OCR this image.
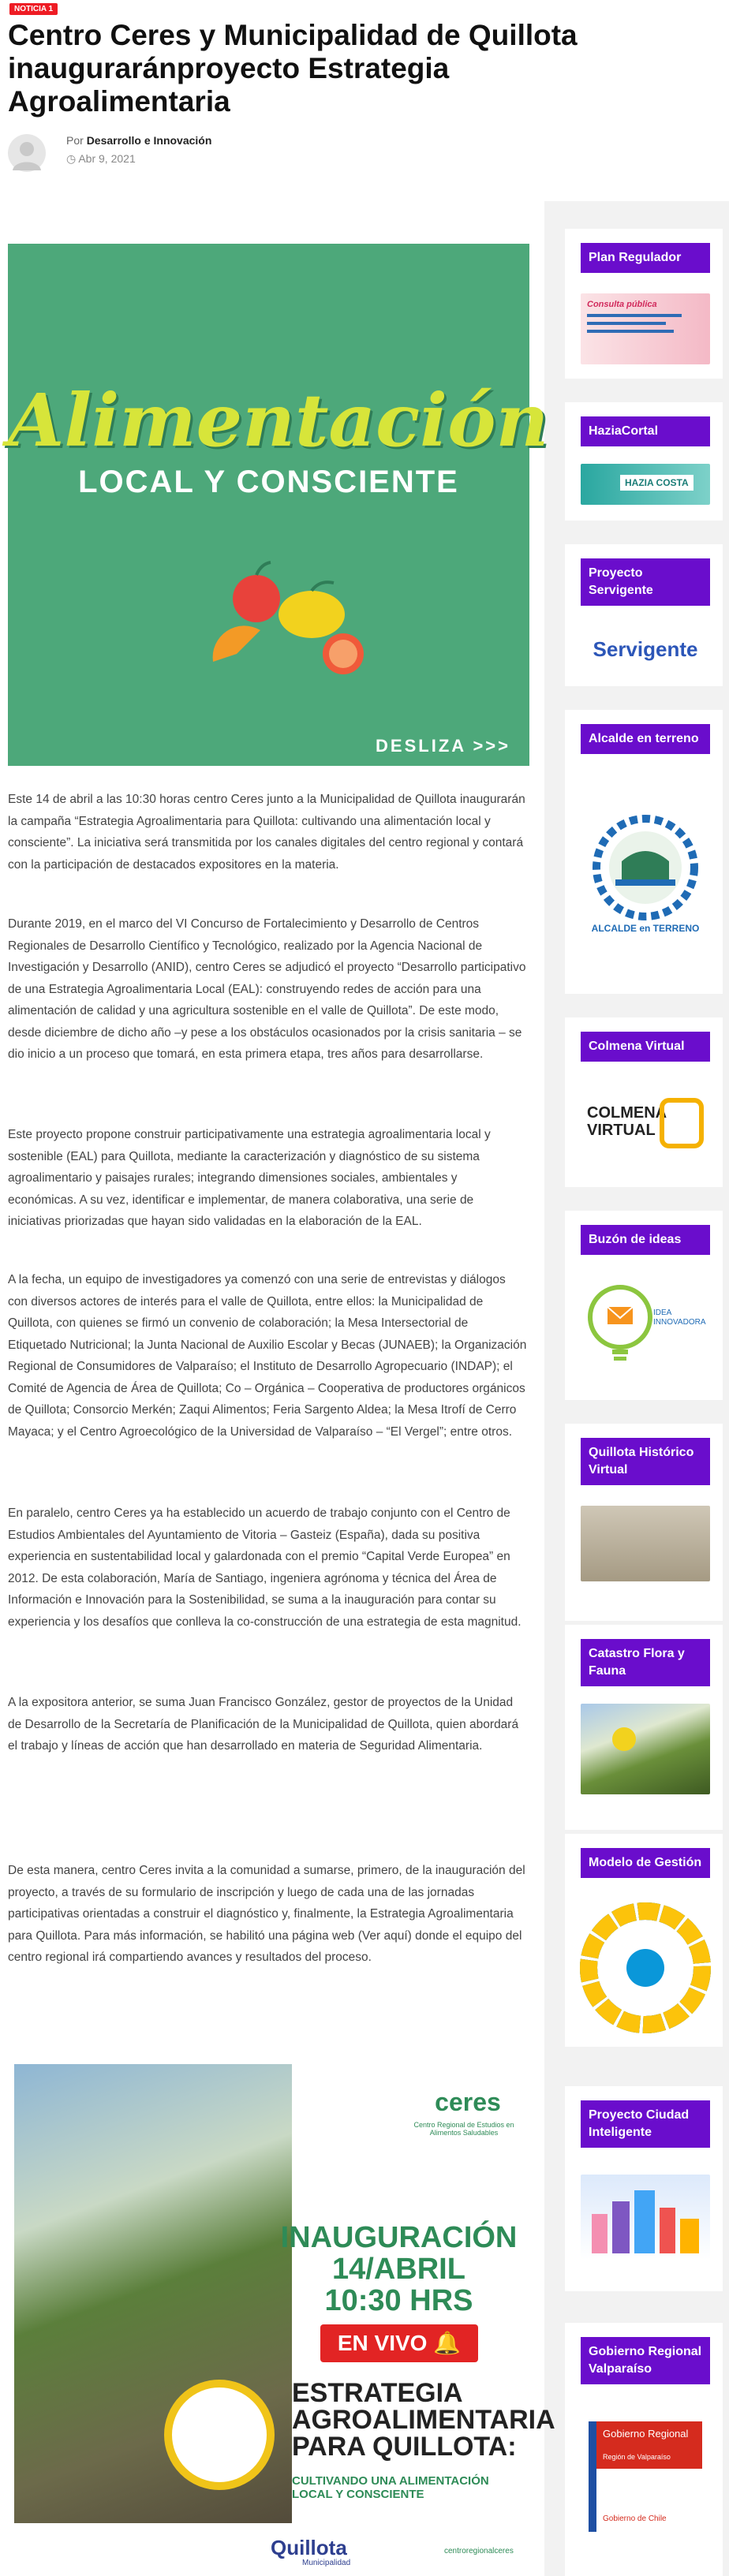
NOTICIA 1
Centro Ceres y Municipalidad de Quillota inauguraránproyecto Estrategia Agroalimentaria
Por Desarrollo e Innovación
◷ Abr 9, 2021
Alimentación
LOCAL Y CONSCIENTE
DESLIZA >>>

Este 14 de abril a las 10:30 horas centro Ceres junto a la Municipalidad de Quillota inaugurarán la campaña “Estrategia Agroalimentaria para Quillota: cultivando una alimentación local y consciente”. La iniciativa será transmitida por los canales digitales del centro regional y contará con la participación de destacados expositores en la materia.

Durante 2019, en el marco del VI Concurso de Fortalecimiento y Desarrollo de Centros Regionales de Desarrollo Científico y Tecnológico, realizado por la Agencia Nacional de Investigación y Desarrollo (ANID), centro Ceres se adjudicó el proyecto “Desarrollo participativo de una Estrategia Agroalimentaria Local (EAL): construyendo redes de acción para una alimentación de calidad y una agricultura sostenible en el valle de Quillota”. De este modo, desde diciembre de dicho año –y pese a los obstáculos ocasionados por la crisis sanitaria – se dio inicio a un proceso que tomará, en esta primera etapa, tres años para desarrollarse.

Este proyecto propone construir participativamente una estrategia agroalimentaria local y sostenible (EAL) para Quillota, mediante la caracterización y diagnóstico de su sistema agroalimentario y paisajes rurales; integrando dimensiones sociales, ambientales y económicas. A su vez, identificar e implementar, de manera colaborativa, una serie de iniciativas priorizadas que hayan sido validadas en la elaboración de la EAL.

A la fecha, un equipo de investigadores ya comenzó con una serie de entrevistas y diálogos con diversos actores de interés para el valle de Quillota, entre ellos: la Municipalidad de Quillota, con quienes se firmó un convenio de colaboración; la Mesa Intersectorial de Etiquetado Nutricional; la Junta Nacional de Auxilio Escolar y Becas (JUNAEB); la Organización Regional de Consumidores de Valparaíso; el Instituto de Desarrollo Agropecuario (INDAP); el Comité de Agencia de Área de Quillota; Co – Orgánica – Cooperativa de productores orgánicos de Quillota; Consorcio Merkén; Zaqui Alimentos; Feria Sargento Aldea; la Mesa Itrofí de Cerro Mayaca; y el Centro Agroecológico de la Universidad de Valparaíso – “El Vergel”; entre otros.

En paralelo, centro Ceres ya ha establecido un acuerdo de trabajo conjunto con el Centro de Estudios Ambientales del Ayuntamiento de Vitoria – Gasteiz (España), dada su positiva experiencia en sustentabilidad local y galardonada con el premio “Capital Verde Europea” en 2012. De esta colaboración, María de Santiago, ingeniera agrónoma y técnica del Área de Información e Innovación para la Sostenibilidad, se suma a la inauguración para contar su experiencia y los desafíos que conlleva la co-construcción de una estrategia de esta magnitud.

A la expositora anterior, se suma Juan Francisco González, gestor de proyectos de la Unidad de Desarrollo de la Secretaría de Planificación de la Municipalidad de Quillota, quien abordará el trabajo y líneas de acción que han desarrollado en materia de Seguridad Alimentaria.

De esta manera, centro Ceres invita a la comunidad a sumarse, primero, de la inauguración del proyecto, a través de su formulario de inscripción y luego de cada una de las jornadas participativas orientadas a construir el diagnóstico y, finalmente, la Estrategia Agroalimentaria para Quillota. Para más información, se habilitó una página web (Ver aquí) donde el equipo del centro regional irá compartiendo avances y resultados del proceso.

ceres
Centro Regional de Estudios en Alimentos Saludables
INAUGURACIÓN
14/ABRIL
10:30 HRS
EN VIVO 🔔
ESTRATEGIA AGROALIMENTARIA PARA QUILLOTA:
CULTIVANDO UNA ALIMENTACIÓN LOCAL Y CONSCIENTE
Quillota
Municipalidad
centroregionalceres
Plan Regulador
Consulta pública
HaziaCortal
HAZIA COSTA
Proyecto Servigente
Servigente
Alcalde en terreno
ALCALDE en TERRENO
Colmena Virtual
COLMENA VIRTUAL
Buzón de ideas
IDEA INNOVADORA
Quillota Histórico Virtual
Catastro Flora y Fauna
Modelo de Gestión
Proyecto Ciudad Inteligente
Gobierno Regional Valparaíso
Gobierno Regional
Región de Valparaíso
Gobierno de Chile
